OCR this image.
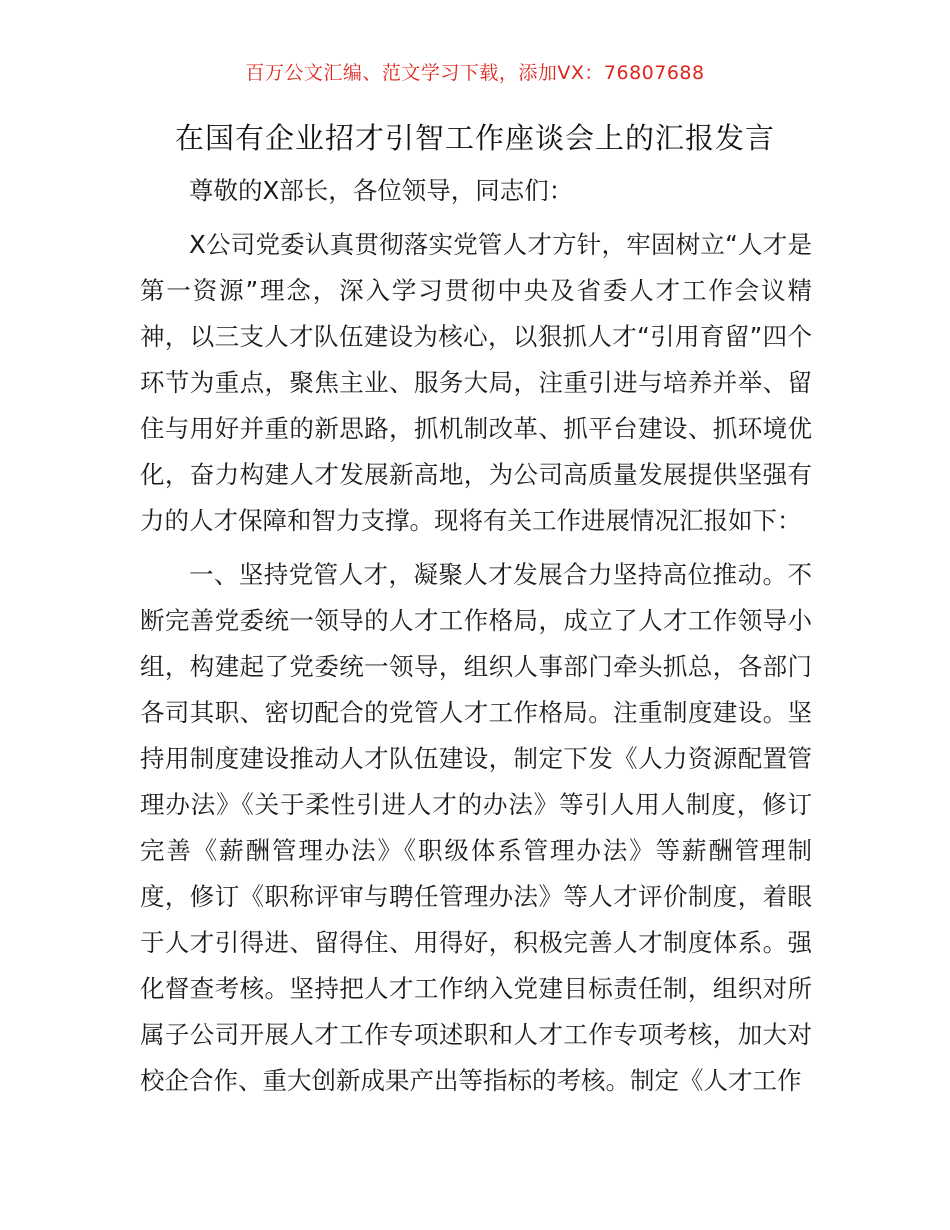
百万公文汇编、范文学习下载，添加VX：76807688
在国有企业招才引智工作座谈会上的汇报发言

尊敬的X部长，各位领导，同志们：

X公司党委认真贯彻落实党管人才方针，牢固树立“人才是第一资源”理念，深入学习贯彻中央及省委人才工作会议精神，以三支人才队伍建设为核心，以狠抓人才“引用育留”四个环节为重点，聚焦主业、服务大局，注重引进与培养并举、留住与用好并重的新思路，抓机制改革、抓平台建设、抓环境优化，奋力构建人才发展新高地，为公司高质量发展提供坚强有力的人才保障和智力支撑。现将有关工作进展情况汇报如下：

一、坚持党管人才，凝聚人才发展合力坚持高位推动。不断完善党委统一领导的人才工作格局，成立了人才工作领导小组，构建起了党委统一领导，组织人事部门牵头抓总，各部门各司其职、密切配合的党管人才工作格局。注重制度建设。坚持用制度建设推动人才队伍建设，制定下发《人力资源配置管理办法》《关于柔性引进人才的办法》等引人用人制度，修订完善《薪酬管理办法》《职级体系管理办法》等薪酬管理制度，修订《职称评审与聘任管理办法》等人才评价制度，着眼于人才引得进、留得住、用得好，积极完善人才制度体系。强化督查考核。坚持把人才工作纳入党建目标责任制，组织对所属子公司开展人才工作专项述职和人才工作专项考核，加大对校企合作、重大创新成果产出等指标的考核。制定《人才工作
